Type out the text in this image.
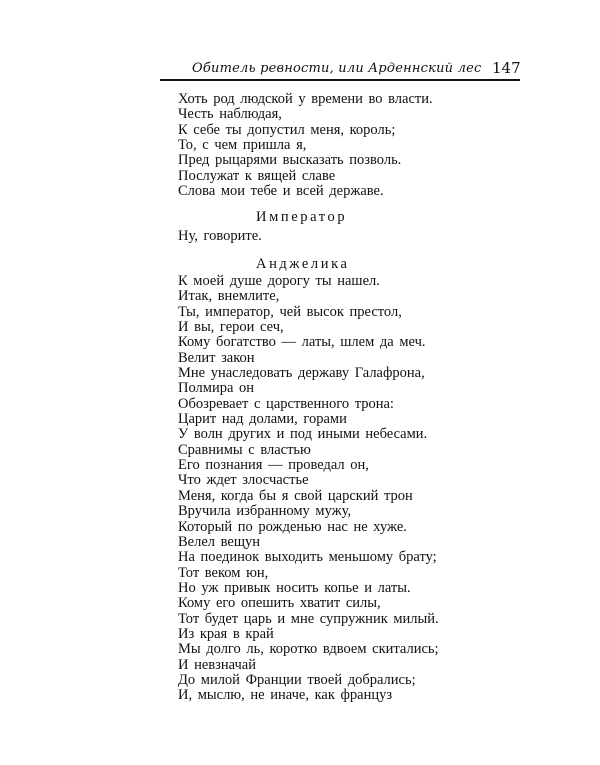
Обитель ревности, или Арденнский лес 147
Хоть род людской у времени во власти.
Честь наблюдая,
К себе ты допустил меня, король;
То, с чем пришла я,
Пред рыцарями высказать позволь.
Послужат к вящей славе
Слова мои тебе и всей державе.
Император
Ну, говорите.
Анджелика
К моей душе дорогу ты нашел.
Итак, внемлите,
Ты, император, чей высок престол,
И вы, герои сеч,
Кому богатство — латы, шлем да меч.
Велит закон
Мне унаследовать державу Галафрона,
Полмира он
Обозревает с царственного трона:
Царит над долами, горами
У волн других и под иными небесами.
Сравнимы с властью
Его познания — проведал он,
Что ждет злосчастье
Меня, когда бы я свой царский трон
Вручила избранному мужу,
Который по рожденью нас не хуже.
Велел вещун
На поединок выходить меньшому брату;
Тот веком юн,
Но уж привык носить копье и латы.
Кому его опешить хватит силы,
Тот будет царь и мне супружник милый.
Из края в край
Мы долго ль, коротко вдвоем скитались;
И невзначай
До милой Франции твоей добрались;
И, мыслю, не иначе, как француз
